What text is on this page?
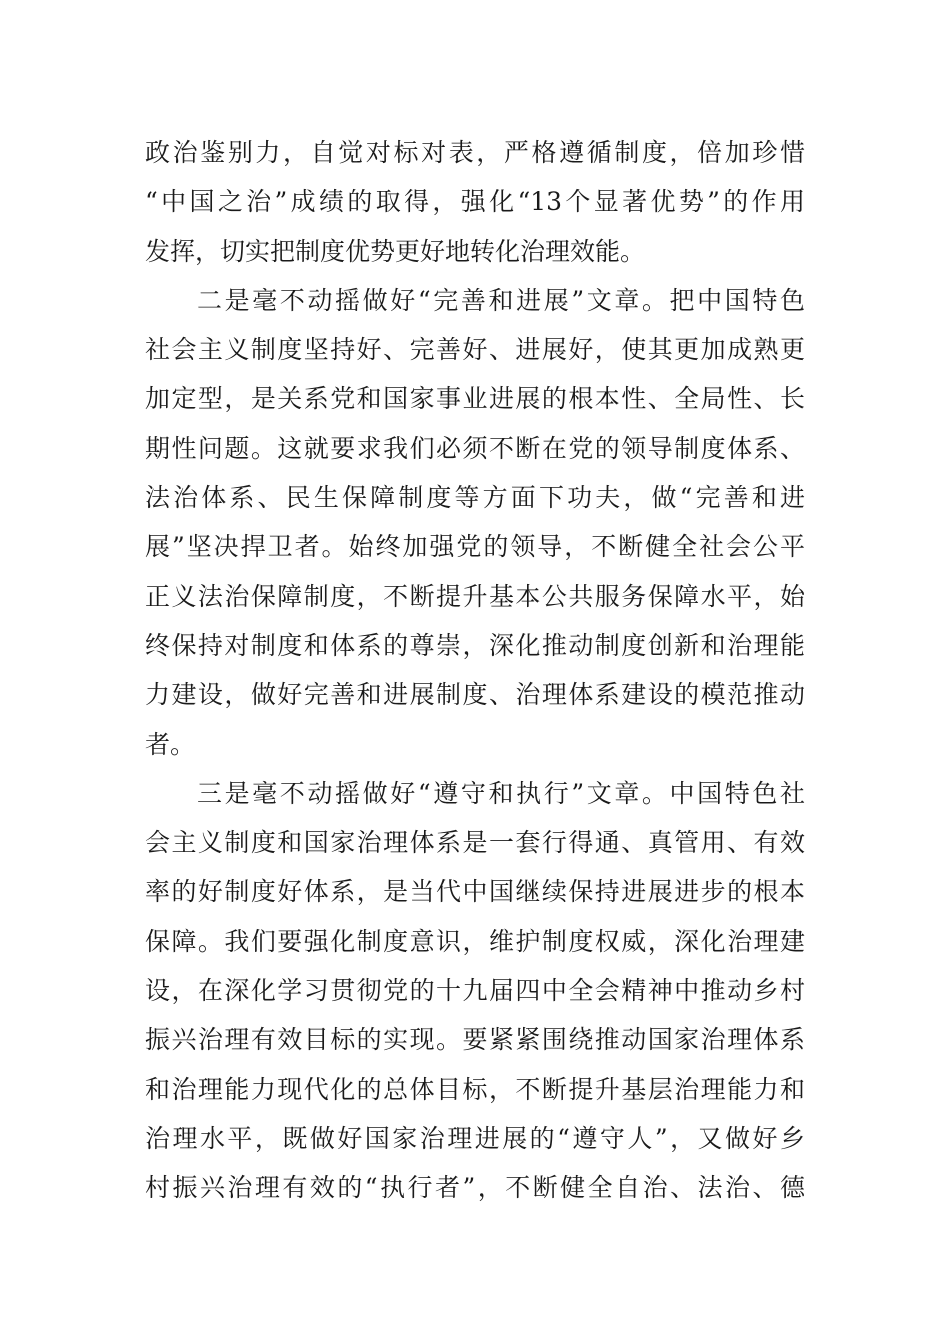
政治鉴别力，自觉对标对表，严格遵循制度，倍加珍惜
“中国之治”成绩的取得，强化“13个显著优势”的作用
发挥，切实把制度优势更好地转化治理效能。
二是毫不动摇做好“完善和进展”文章。把中国特色
社会主义制度坚持好、完善好、进展好，使其更加成熟更
加定型，是关系党和国家事业进展的根本性、全局性、长
期性问题。这就要求我们必须不断在党的领导制度体系、
法治体系、民生保障制度等方面下功夫，做“完善和进
展”坚决捍卫者。始终加强党的领导，不断健全社会公平
正义法治保障制度，不断提升基本公共服务保障水平，始
终保持对制度和体系的尊崇，深化推动制度创新和治理能
力建设，做好完善和进展制度、治理体系建设的模范推动
者。
三是毫不动摇做好“遵守和执行”文章。中国特色社
会主义制度和国家治理体系是一套行得通、真管用、有效
率的好制度好体系，是当代中国继续保持进展进步的根本
保障。我们要强化制度意识，维护制度权威，深化治理建
设，在深化学习贯彻党的十九届四中全会精神中推动乡村
振兴治理有效目标的实现。要紧紧围绕推动国家治理体系
和治理能力现代化的总体目标，不断提升基层治理能力和
治理水平，既做好国家治理进展的“遵守人”，又做好乡
村振兴治理有效的“执行者”，不断健全自治、法治、德
